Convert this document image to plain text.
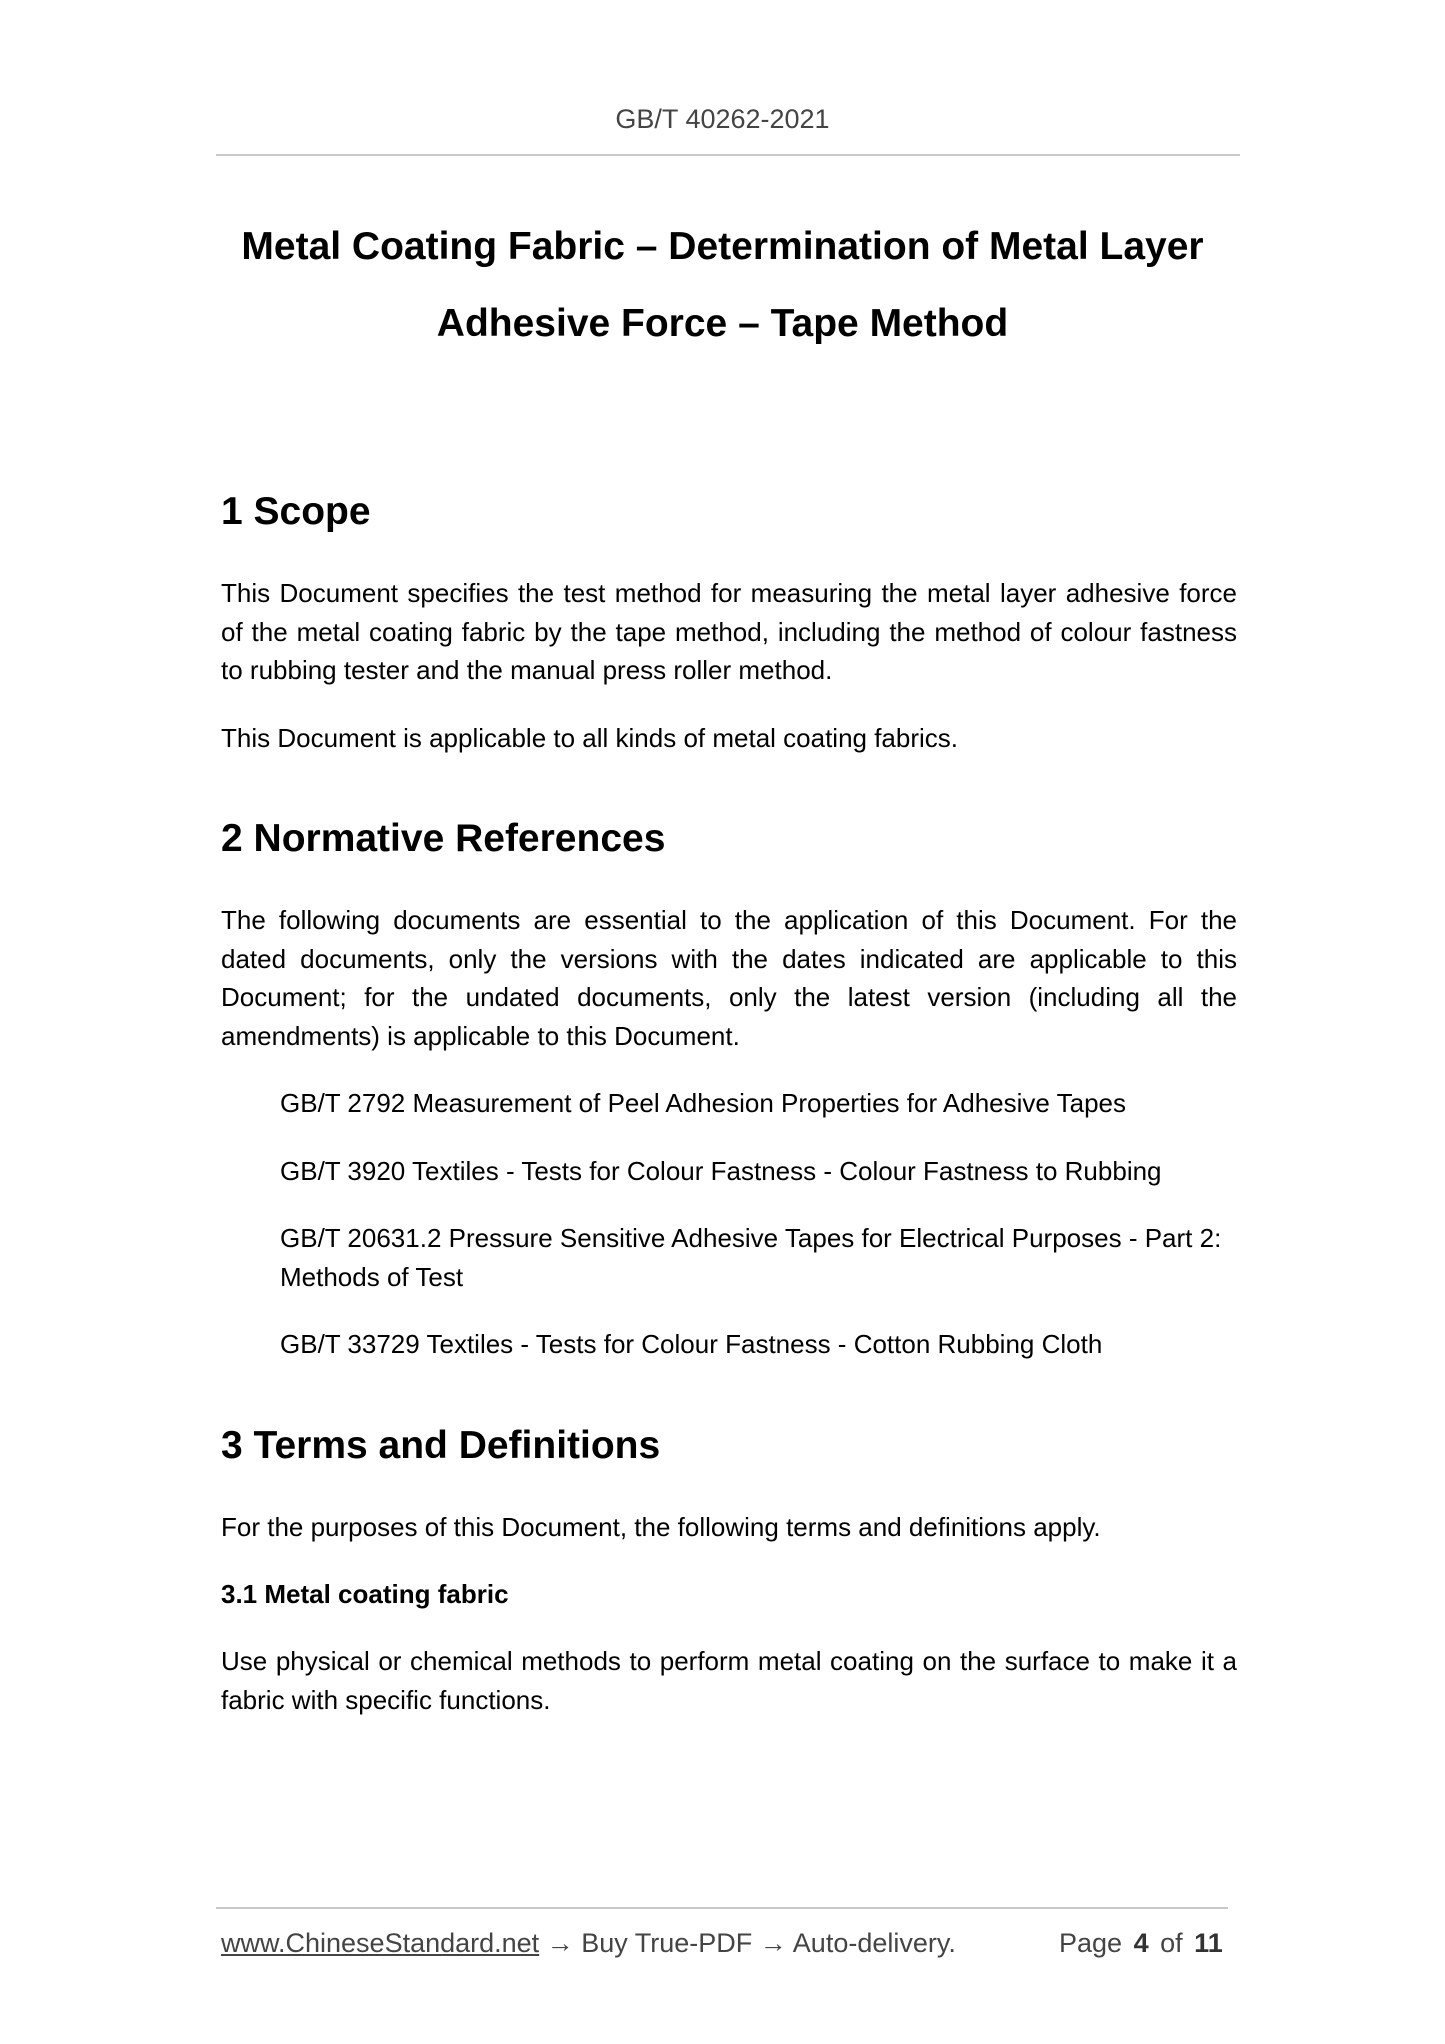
GB/T 40262-2021
Metal Coating Fabric – Determination of Metal Layer
Adhesive Force – Tape Method
1 Scope

This Document specifies the test method for measuring the metal layer adhesive force of the metal coating fabric by the tape method, including the method of colour fastness to rubbing tester and the manual press roller method.

This Document is applicable to all kinds of metal coating fabrics.

2 Normative References

The following documents are essential to the application of this Document. For the dated documents, only the versions with the dates indicated are applicable to this Document; for the undated documents, only the latest version (including all the amendments) is applicable to this Document.

GB/T 2792 Measurement of Peel Adhesion Properties for Adhesive Tapes

GB/T 3920 Textiles - Tests for Colour Fastness - Colour Fastness to Rubbing

GB/T 20631.2 Pressure Sensitive Adhesive Tapes for Electrical Purposes - Part 2: Methods of Test

GB/T 33729 Textiles - Tests for Colour Fastness - Cotton Rubbing Cloth

3 Terms and Definitions

For the purposes of this Document, the following terms and definitions apply.

3.1 Metal coating fabric

Use physical or chemical methods to perform metal coating on the surface to make it a fabric with specific functions.

www.ChineseStandard.net → Buy True-PDF → Auto-delivery.	Page 4 of 11
